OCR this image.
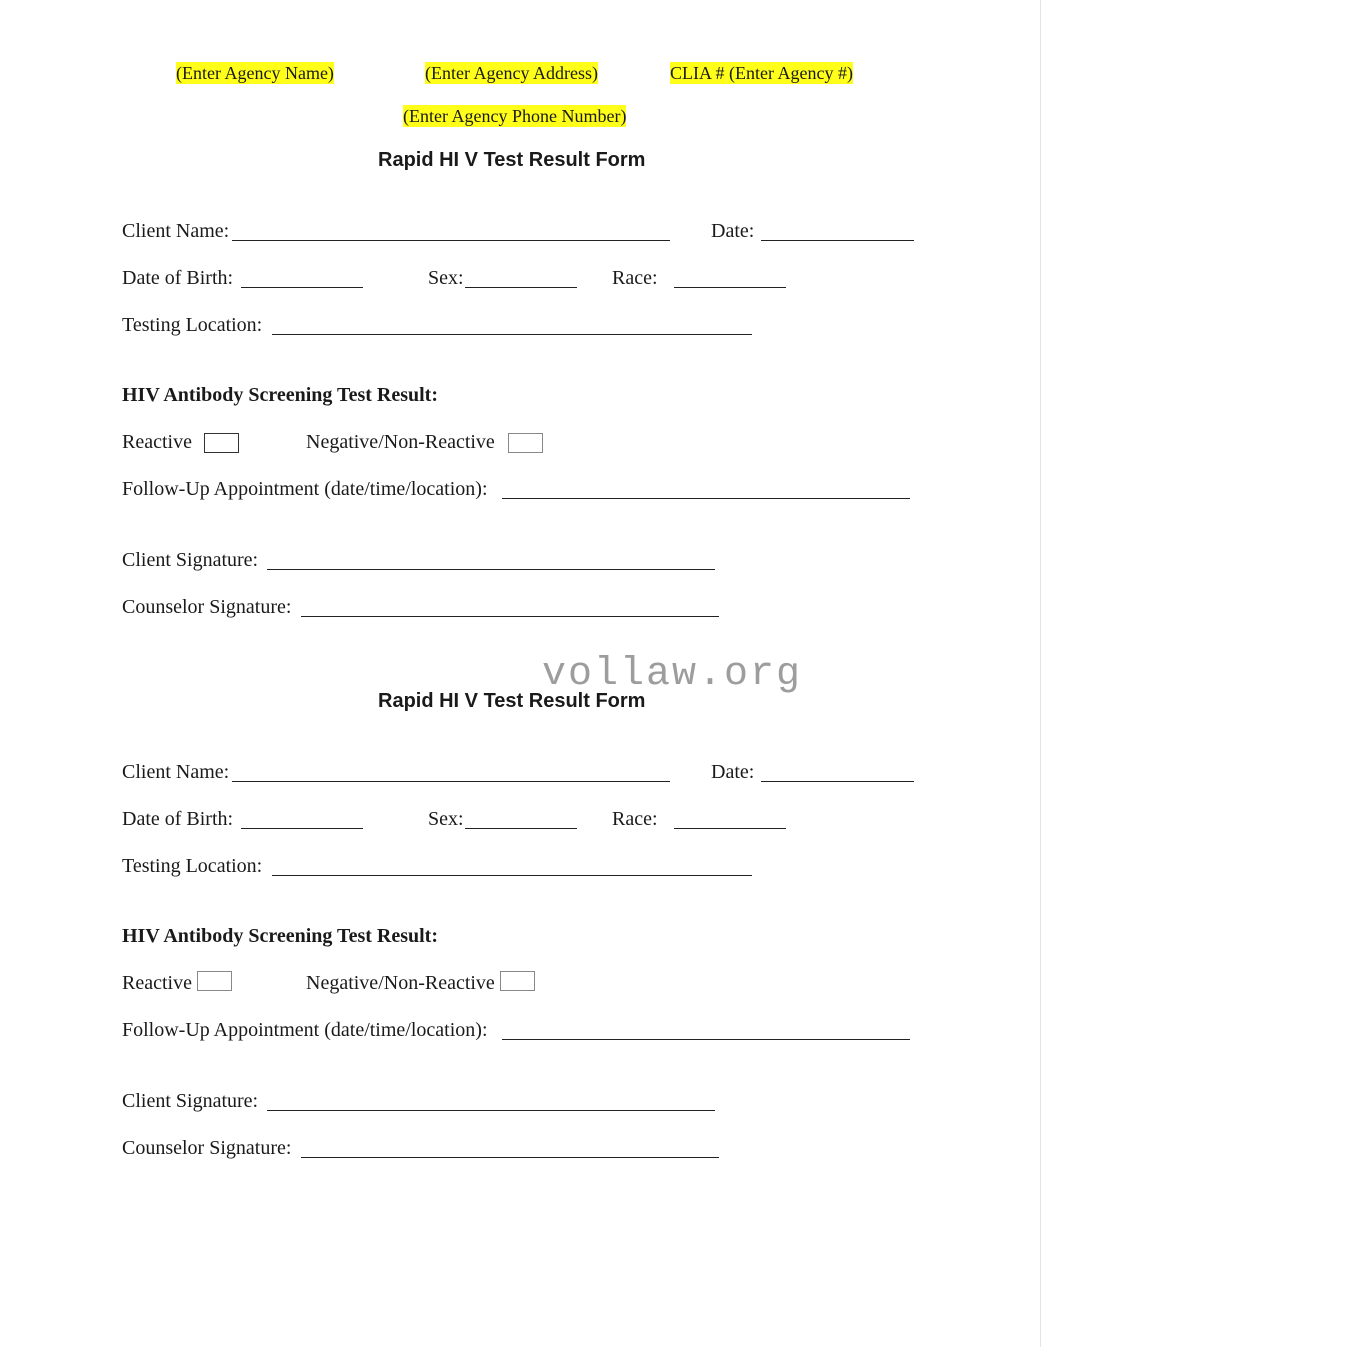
(Enter Agency Name)	(Enter Agency Address)	CLIA # (Enter Agency #)
(Enter Agency Phone Number)
Rapid HI V Test Result Form
Client Name:	Date:
Date of Birth:	Sex:	Race:
Testing Location:
HIV Antibody Screening Test Result:
Reactive	Negative/Non-Reactive
Follow-Up Appointment (date/time/location):
Client Signature:
Counselor Signature:
vollaw.org
Rapid HI V Test Result Form
Client Name:	Date:
Date of Birth:	Sex:	Race:
Testing Location:
HIV Antibody Screening Test Result:
Reactive	Negative/Non-Reactive
Follow-Up Appointment (date/time/location):
Client Signature:
Counselor Signature:
